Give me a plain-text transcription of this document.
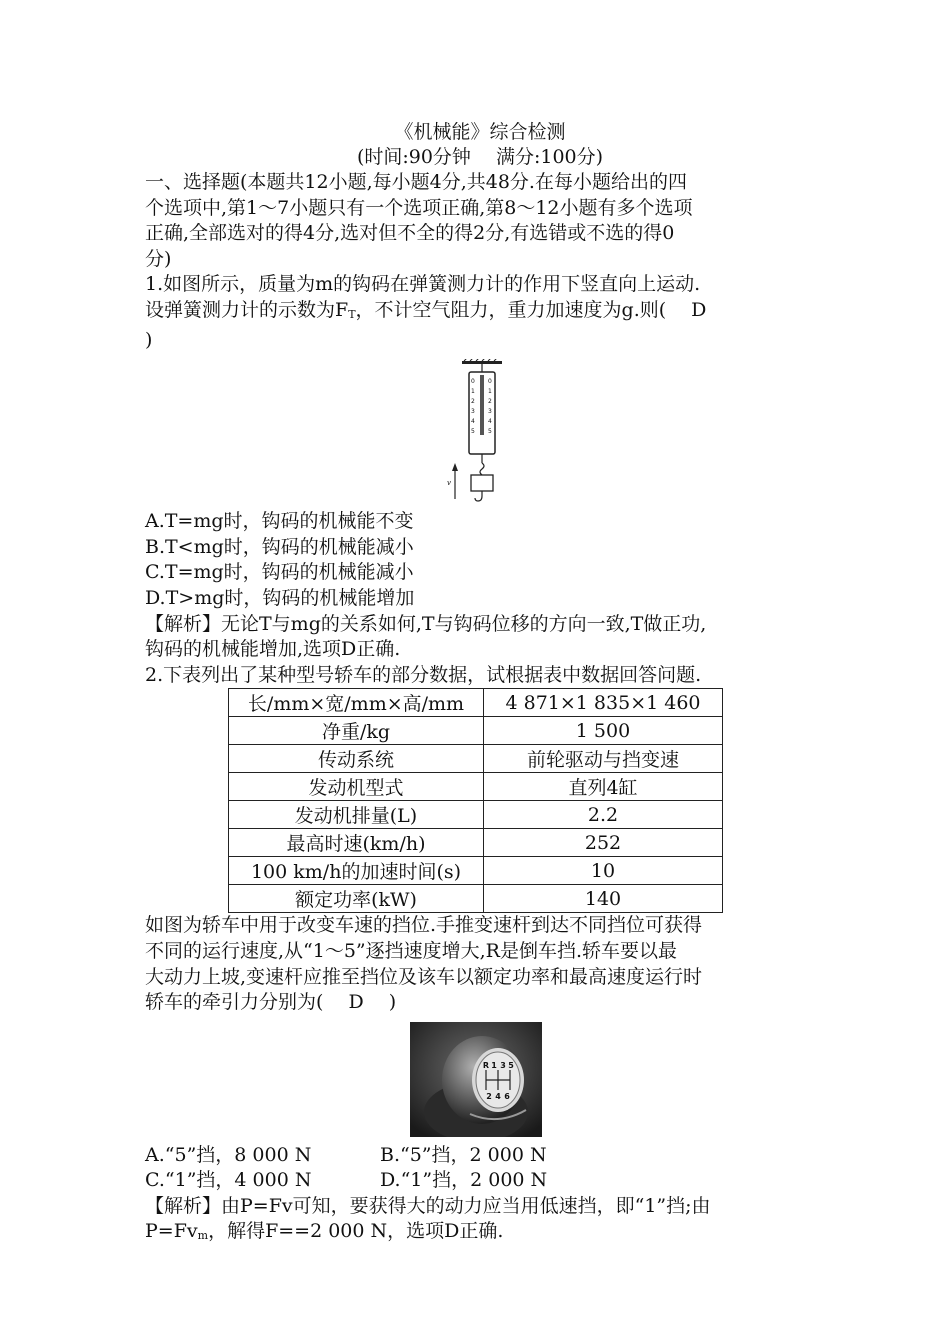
《机械能》综合检测
(时间:90分钟　 满分:100分)
一、选择题(本题共12小题,每小题4分,共48分.在每小题给出的四
个选项中,第1～7小题只有一个选项正确,第8～12小题有多个选项
正确,全部选对的得4分,选对但不全的得2分,有选错或不选的得0
分)
1.如图所示，质量为m的钩码在弹簧测力计的作用下竖直向上运动.
设弹簧测力计的示数为$F_T$，不计空气阻力，重力加速度为g.则(　 D
)
0
1
2
3
4
5
0
1
2
3
4
5
v
A.T=mg时，钩码的机械能不变
B.T<mg时，钩码的机械能减小
C.T=mg时，钩码的机械能减小
D.T>mg时，钩码的机械能增加
【解析】无论T与mg的关系如何,T与钩码位移的方向一致,T做正功,
钩码的机械能增加,选项D正确.
2.下表列出了某种型号轿车的部分数据，试根据表中数据回答问题.
长/mm×宽/mm×高/mm	4 871×1 835×1 460
净重/kg	1 500
传动系统	前轮驱动与挡变速
发动机型式	直列4缸
发动机排量(L)	2.2
最高时速(km/h)	252
100 km/h的加速时间(s)	10
额定功率(kW)	140
如图为轿车中用于改变车速的挡位.手推变速杆到达不同挡位可获得
不同的运行速度,从“1～5”逐挡速度增大,R是倒车挡.轿车要以最
大动力上坡,变速杆应推至挡位及该车以额定功率和最高速度运行时
轿车的牵引力分别为(　 D　 )
R 1 3 5
2 4 6
A.“5”挡，8 000 N	B.“5”挡，2 000 N
C.“1”挡，4 000 N	D.“1”挡，2 000 N
【解析】由P=Fv可知，要获得大的动力应当用低速挡，即“1”挡;由
$P=Fv_m$，解得F==2 000 N，选项D正确.
